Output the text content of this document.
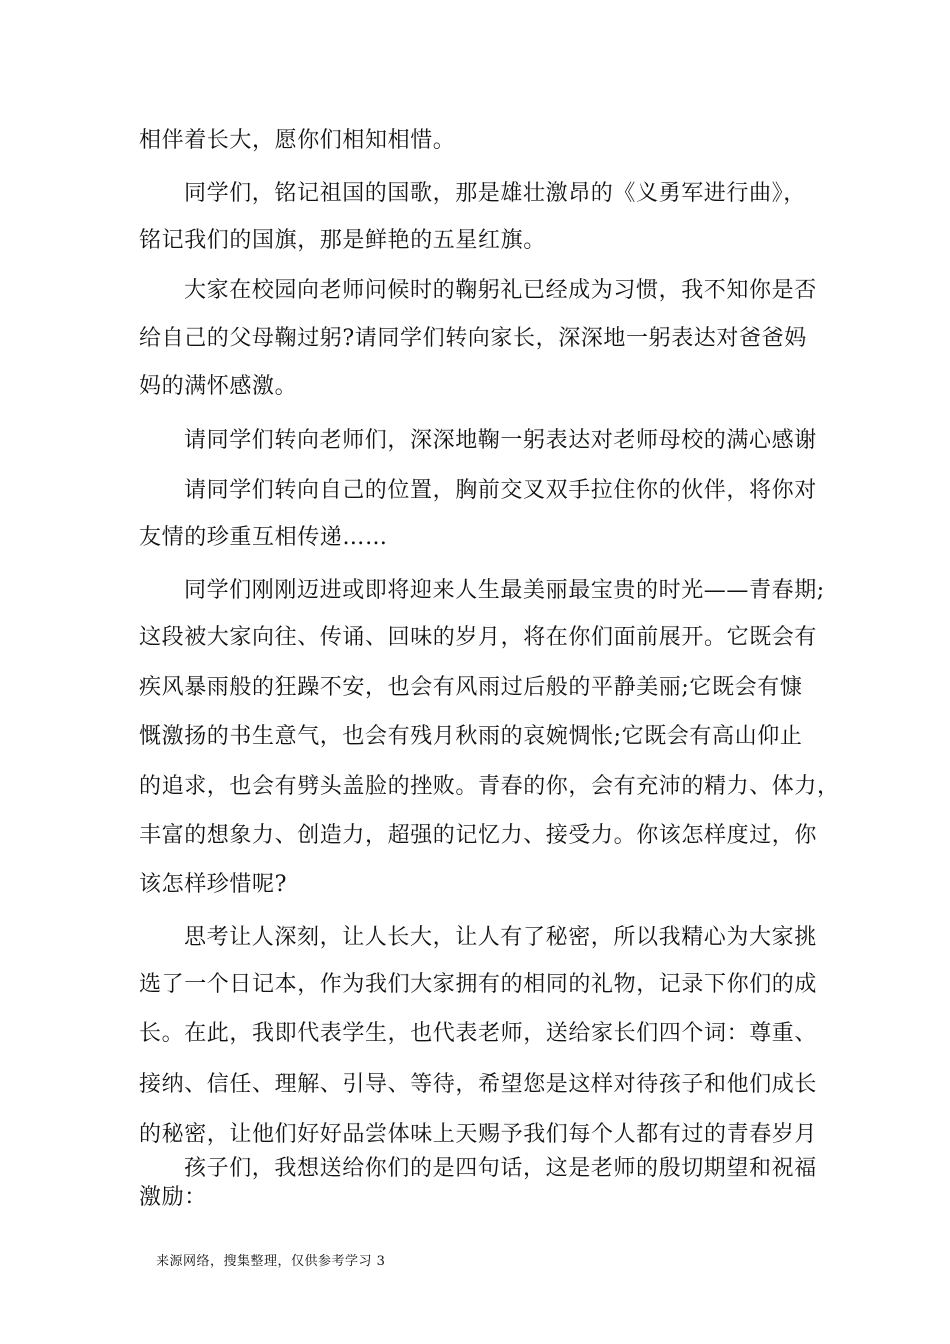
相伴着长大，愿你们相知相惜。
同学们，铭记祖国的国歌，那是雄壮激昂的《义勇军进行曲》，
铭记我们的国旗，那是鲜艳的五星红旗。
大家在校园向老师问候时的鞠躬礼已经成为习惯，我不知你是否
给自己的父母鞠过躬?请同学们转向家长，深深地一躬表达对爸爸妈
妈的满怀感激。
请同学们转向老师们，深深地鞠一躬表达对老师母校的满心感谢
请同学们转向自己的位置，胸前交叉双手拉住你的伙伴，将你对
友情的珍重互相传递……
同学们刚刚迈进或即将迎来人生最美丽最宝贵的时光——青春期;
这段被大家向往、传诵、回味的岁月，将在你们面前展开。它既会有
疾风暴雨般的狂躁不安，也会有风雨过后般的平静美丽;它既会有慷
慨激扬的书生意气，也会有残月秋雨的哀婉惆怅;它既会有高山仰止
的追求，也会有劈头盖脸的挫败。青春的你，会有充沛的精力、体力，
丰富的想象力、创造力，超强的记忆力、接受力。你该怎样度过，你
该怎样珍惜呢?
思考让人深刻，让人长大，让人有了秘密，所以我精心为大家挑
选了一个日记本，作为我们大家拥有的相同的礼物，记录下你们的成
长。在此，我即代表学生，也代表老师，送给家长们四个词：尊重、
接纳、信任、理解、引导、等待，希望您是这样对待孩子和他们成长
的秘密，让他们好好品尝体味上天赐予我们每个人都有过的青春岁月
孩子们，我想送给你们的是四句话，这是老师的殷切期望和祝福
激励：
来源网络，搜集整理，仅供参考学习 3
